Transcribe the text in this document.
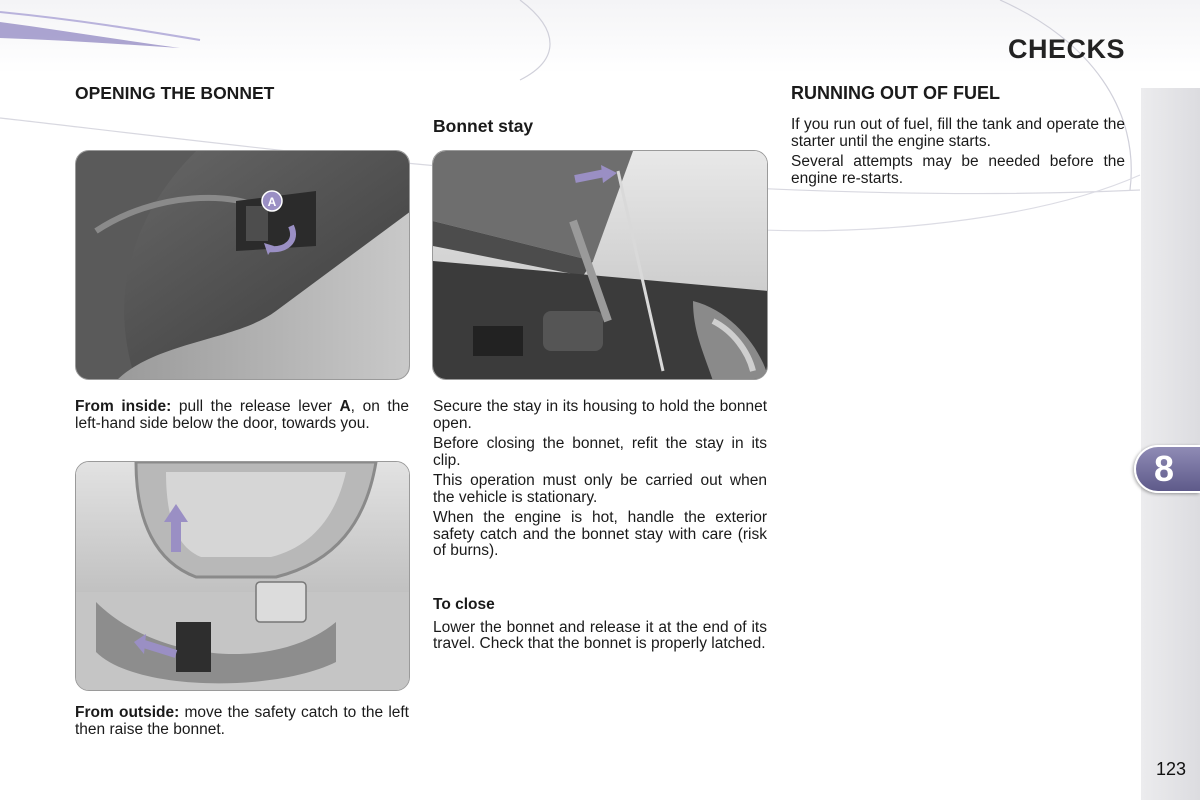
CHECKS
8
123
OPENING THE BONNET
Bonnet stay
RUNNING OUT OF FUEL
A

From inside: pull the release lever A, on the left-hand side below the door, towards you.

From outside: move the safety catch to the left then raise the bonnet.

Secure the stay in its housing to hold the bonnet open.

Before closing the bonnet, refit the stay in its clip.

This operation must only be carried out when the vehicle is stationary.

When the engine is hot, handle the exterior safety catch and the bonnet stay with care (risk of burns).

To close

Lower the bonnet and release it at the end of its travel. Check that the bonnet is properly latched.

If you run out of fuel, fill the tank and operate the starter until the engine starts.

Several attempts may be needed before the engine re-starts.
